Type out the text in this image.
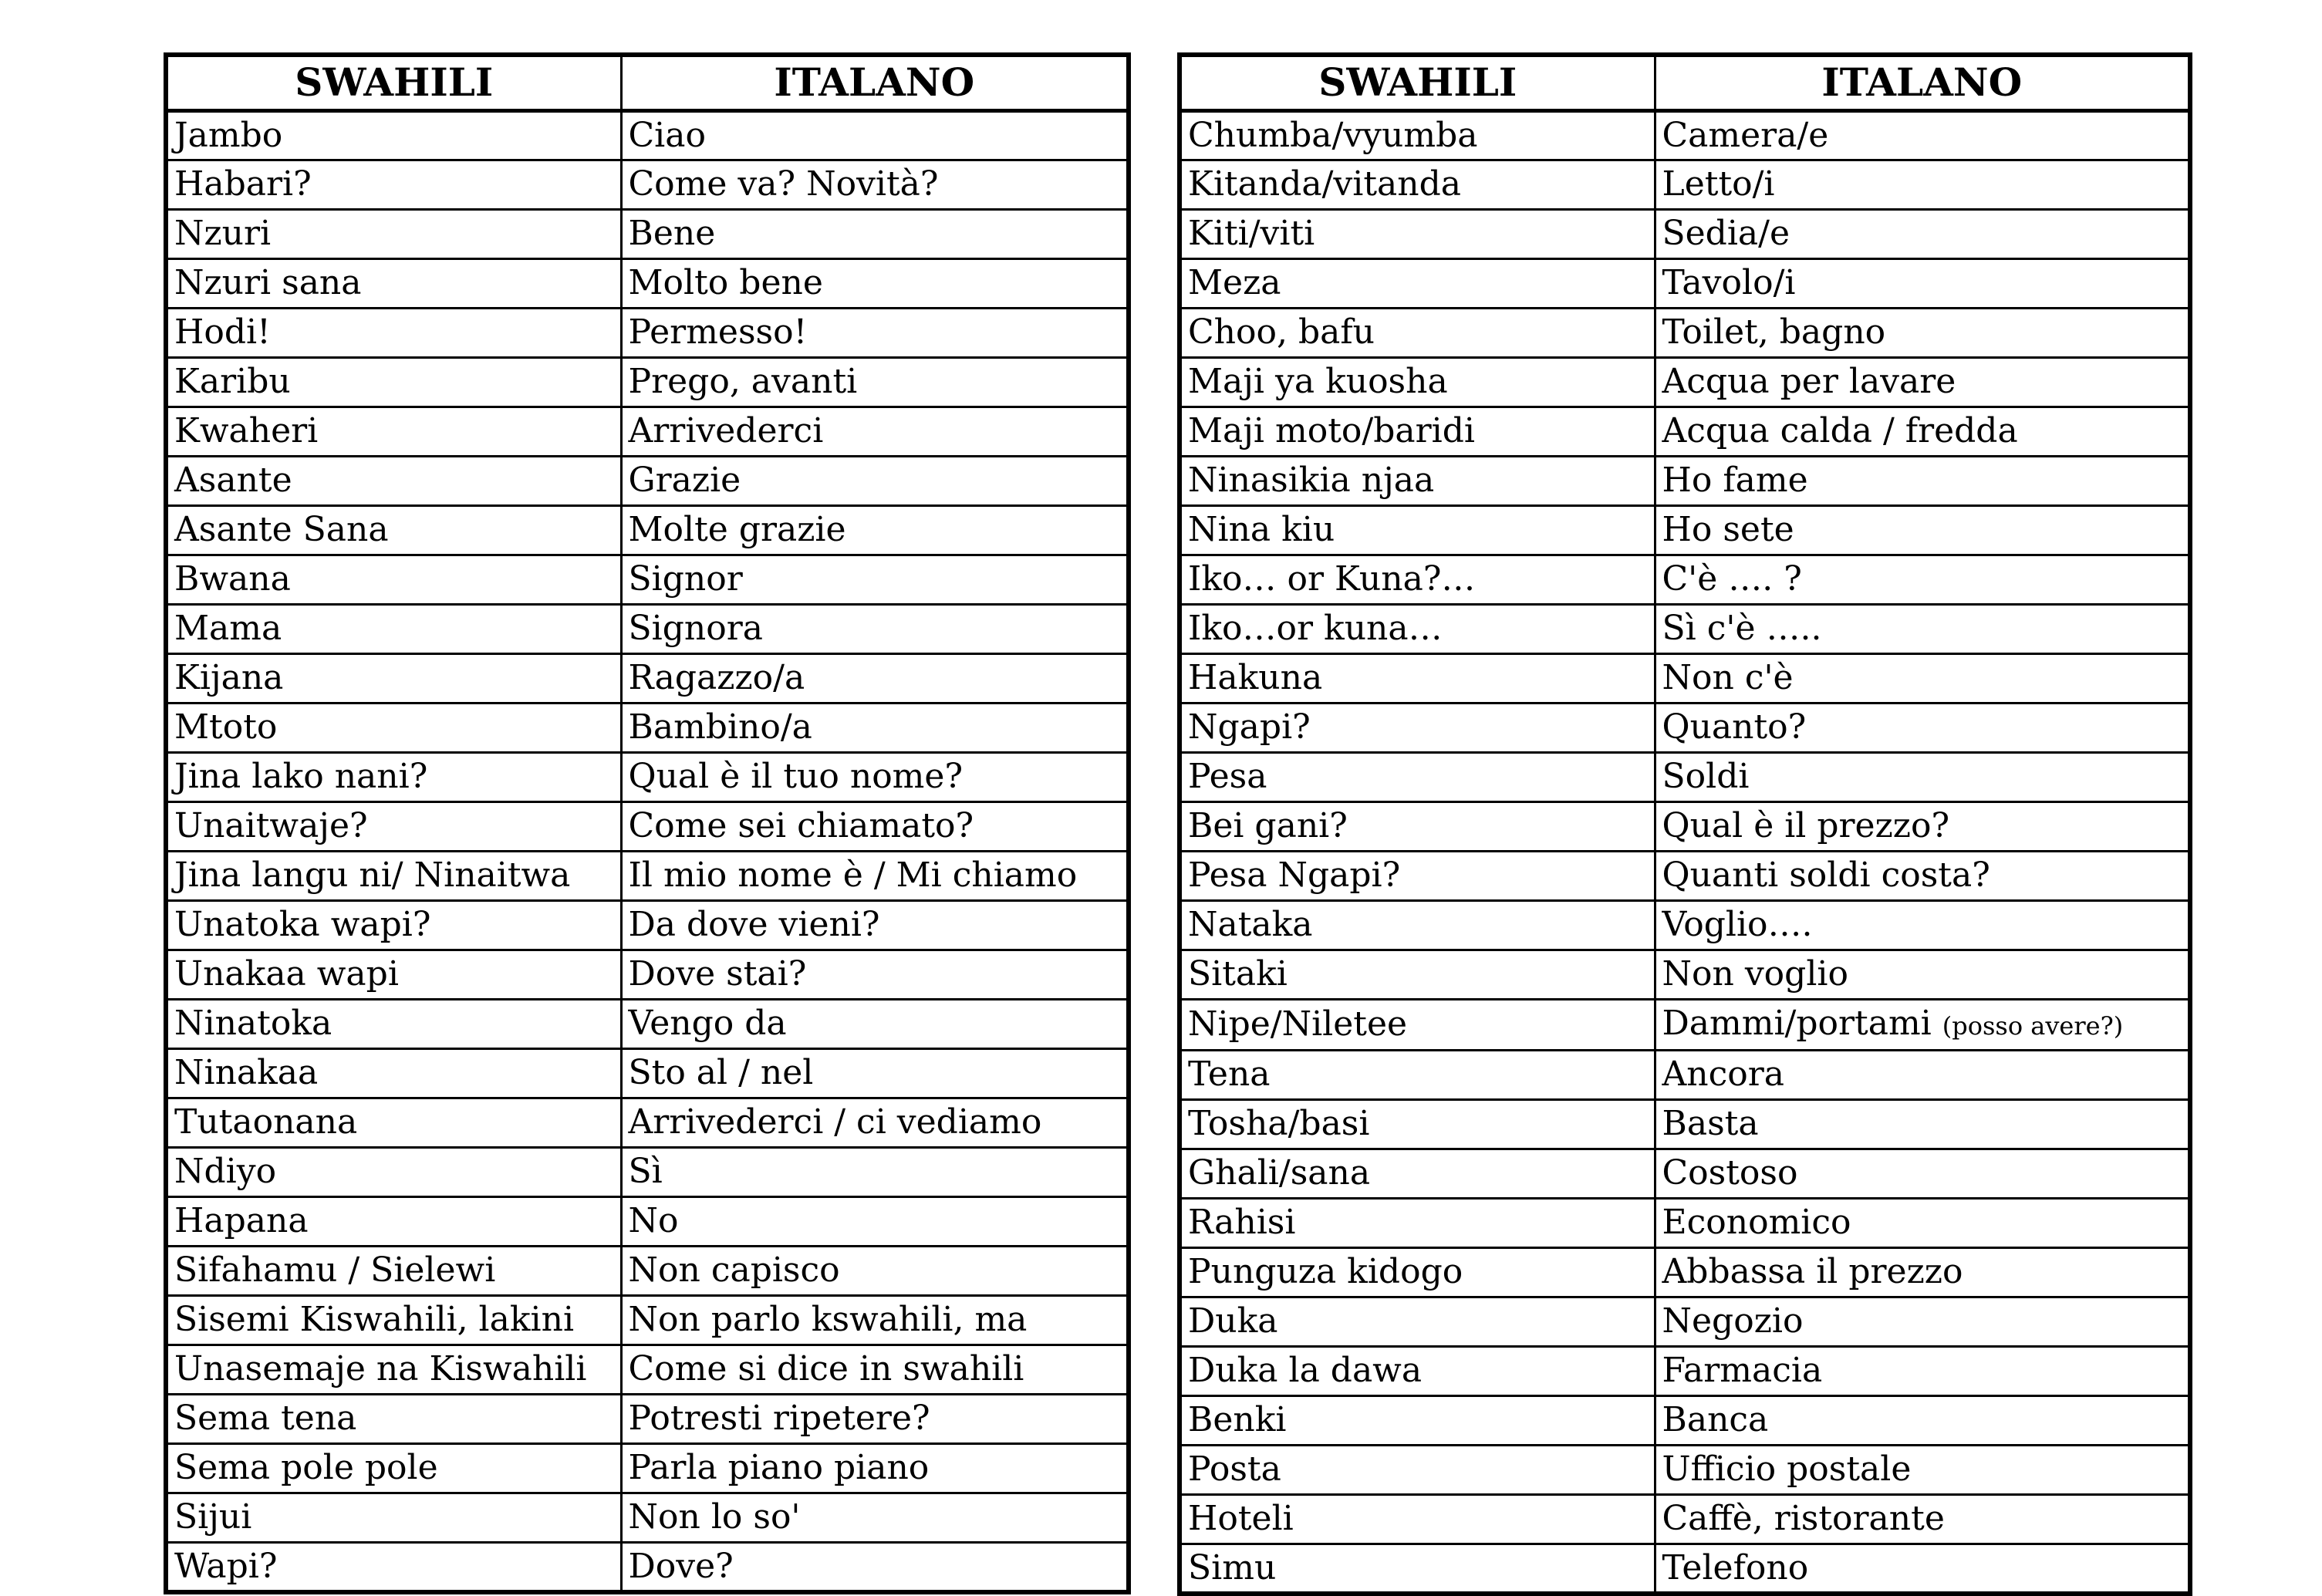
SWAHILI	ITALANO
Jambo	Ciao
Habari?	Come va? Novità?
Nzuri	Bene
Nzuri sana	Molto bene
Hodi!	Permesso!
Karibu	Prego, avanti
Kwaheri	Arrivederci
Asante	Grazie
Asante Sana	Molte grazie
Bwana	Signor
Mama	Signora
Kijana	Ragazzo/a
Mtoto	Bambino/a
Jina lako nani?	Qual è il tuo nome?
Unaitwaje?	Come sei chiamato?
Jina langu ni/ Ninaitwa	Il mio nome è / Mi chiamo
Unatoka wapi?	Da dove vieni?
Unakaa wapi	Dove stai?
Ninatoka	Vengo da
Ninakaa	Sto al / nel
Tutaonana	Arrivederci / ci vediamo
Ndiyo	Sì
Hapana	No
Sifahamu / Sielewi	Non capisco
Sisemi Kiswahili, lakini	Non parlo kswahili, ma
Unasemaje na Kiswahili	Come si dice in swahili
Sema tena	Potresti ripetere?
Sema pole pole	Parla piano piano
Sijui	Non lo so'
Wapi?	Dove?
SWAHILI	ITALANO
Chumba/vyumba	Camera/e
Kitanda/vitanda	Letto/i
Kiti/viti	Sedia/e
Meza	Tavolo/i
Choo, bafu	Toilet, bagno
Maji ya kuosha	Acqua per lavare
Maji moto/baridi	Acqua calda / fredda
Ninasikia njaa	Ho fame
Nina kiu	Ho sete
Iko… or Kuna?…	C'è …. ?
Iko…or kuna…	Sì c'è …..
Hakuna	Non c'è
Ngapi?	Quanto?
Pesa	Soldi
Bei gani?	Qual è il prezzo?
Pesa Ngapi?	Quanti soldi costa?
Nataka	Voglio….
Sitaki	Non voglio
Nipe/Niletee	Dammi/portami (posso avere?)
Tena	Ancora
Tosha/basi	Basta
Ghali/sana	Costoso
Rahisi	Economico
Punguza kidogo	Abbassa il prezzo
Duka	Negozio
Duka la dawa	Farmacia
Benki	Banca
Posta	Ufficio postale
Hoteli	Caffè, ristorante
Simu	Telefono
